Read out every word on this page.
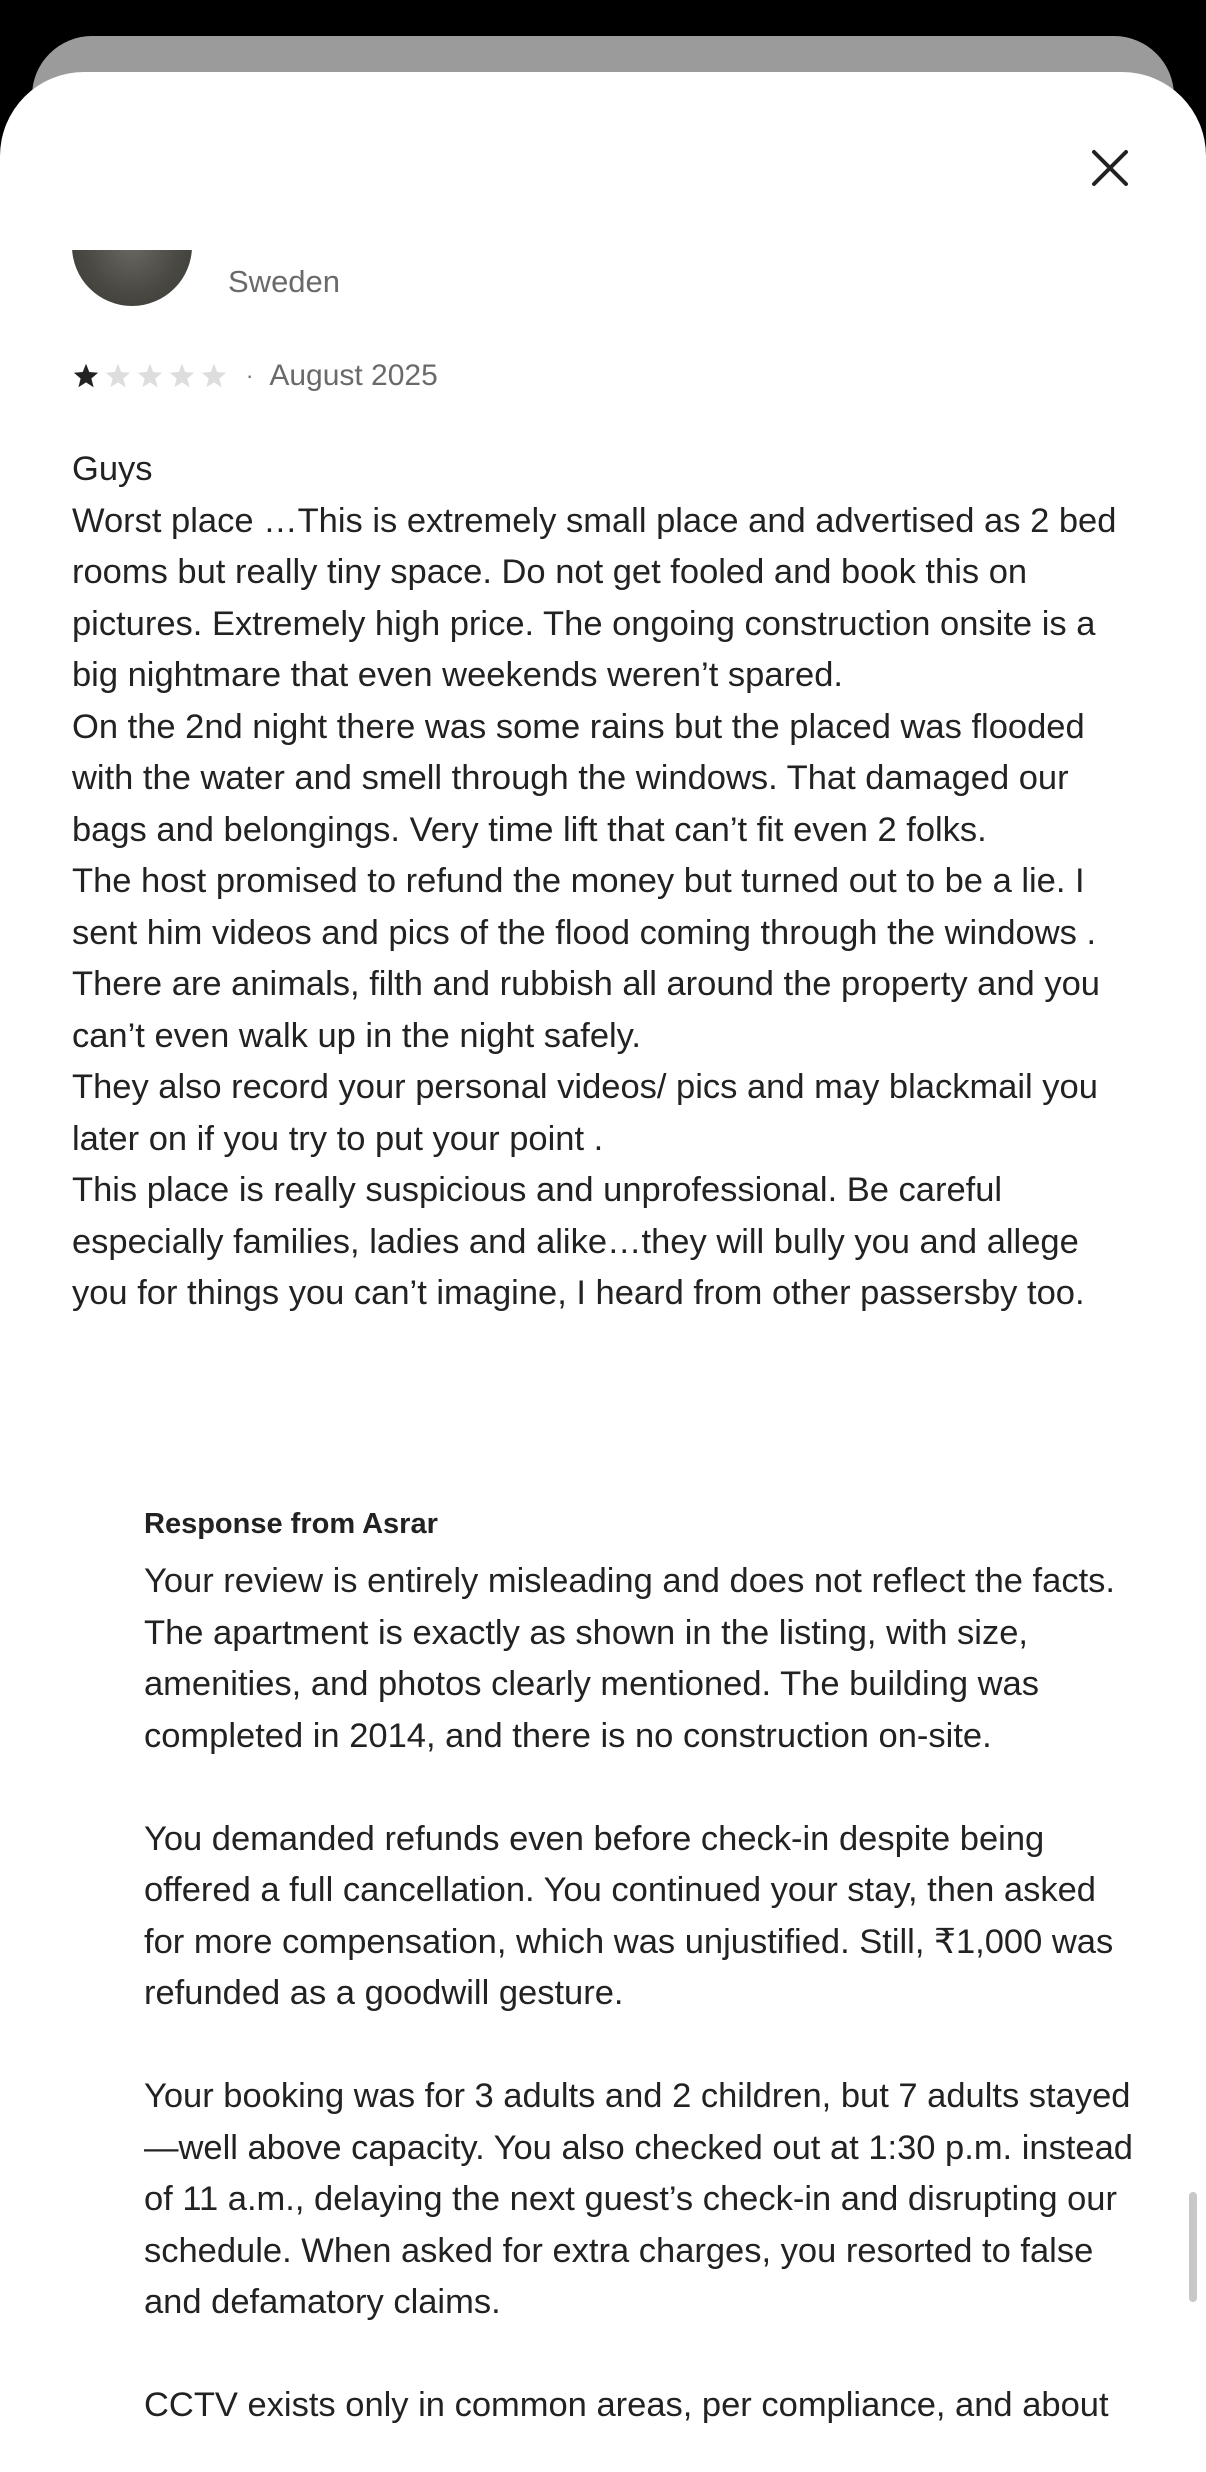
Sweden
· August 2025
Guys
Worst place …This is extremely small place and advertised as 2 bed rooms but really tiny space. Do not get fooled and book this on pictures. Extremely high price. The ongoing construction onsite is a big nightmare that even weekends weren’t spared.
On the 2nd night there was some rains but the placed was flooded with the water and smell through the windows. That damaged our bags and belongings. Very time lift that can’t fit even 2 folks.
The host promised to refund the money but turned out to be a lie. I sent him videos and pics of the flood coming through the windows . There are animals, filth and rubbish all around the property and you can’t even walk up in the night safely.
They also record your personal videos/ pics and may blackmail you later on if you try to put your point .
This place is really suspicious and unprofessional. Be careful especially families, ladies and alike…they will bully you and allege you for things you can’t imagine, I heard from other passersby too.
Response from Asrar
Your review is entirely misleading and does not reflect the facts. The apartment is exactly as shown in the listing, with size, amenities, and photos clearly mentioned. The building was completed in 2014, and there is no construction on-site.

You demanded refunds even before check-in despite being offered a full cancellation. You continued your stay, then asked for more compensation, which was unjustified. Still, ₹1,000 was refunded as a goodwill gesture.

Your booking was for 3 adults and 2 children, but 7 adults stayed—well above capacity. You also checked out at 1:30 p.m. instead of 11 a.m., delaying the next guest’s check-in and disrupting our schedule. When asked for extra charges, you resorted to false and defamatory claims.

CCTV exists only in common areas, per compliance, and about
